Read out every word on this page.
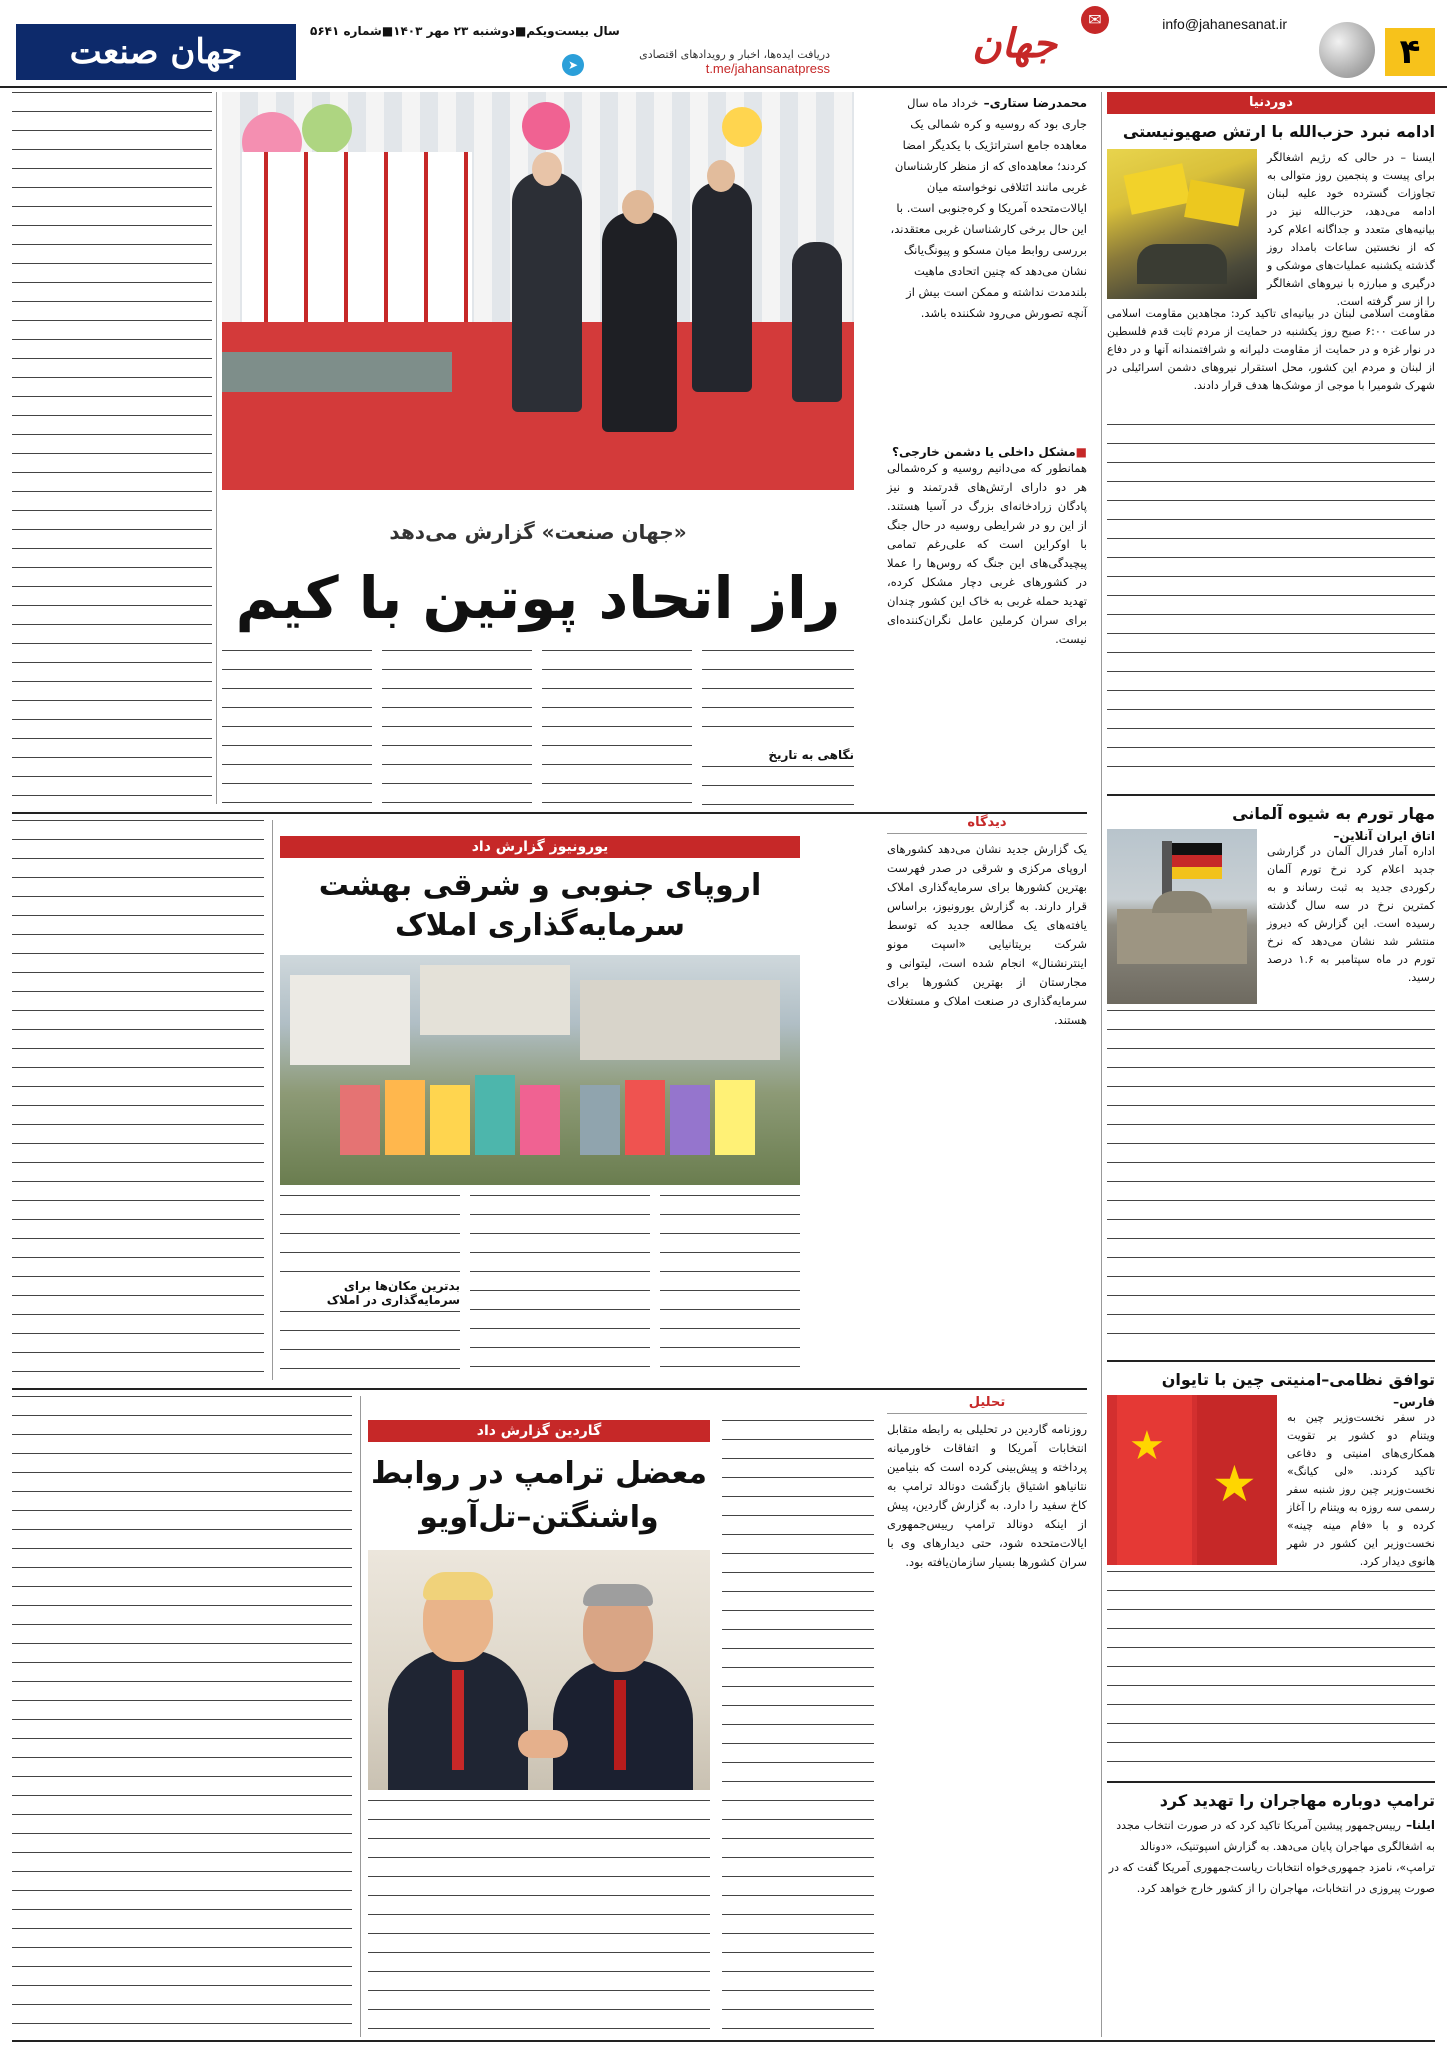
۴
✉	info@jahanesanat.ir
جهان
دریافت ایده‌ها، اخبار و رویدادهای اقتصادی
t.me/jahansanatpress
➤
سال بیست‌ویکم■دوشنبه ۲۳ مهر ۱۴۰۳■شماره ۵۶۴۱
جهان صنعت
دوردنیا
ادامه نبرد حزب‌الله با ارتش صهیونیستی
ایسنا – در حالی که رژیم اشغالگر برای پیست و پنجمین روز متوالی به تجاوزات گسترده خود علیه لبنان ادامه می‌دهد، حزب‌الله نیز در بیانیه‌های متعدد و جداگانه اعلام کرد که از نخستین ساعات بامداد روز گذشته یکشنبه عملیات‌های موشکی و درگیری و مبارزه با نیروهای اشغالگر را از سر گرفته است.
مقاومت اسلامی لبنان در بیانیه‌ای تاکید کرد: مجاهدین مقاومت اسلامی در ساعت ۶:۰۰ صبح روز یکشنبه در حمایت از مردم ثابت قدم فلسطین در نوار غزه و در حمایت از مقاومت دلیرانه و شرافتمندانه آنها و در دفاع از لبنان و مردم این کشور، محل استقرار نیروهای دشمن اسرائیلی در شهرک شومیرا با موجی از موشک‌ها هدف قرار دادند.
مهار تورم به شیوه آلمانی
اتاق ایران آنلاین–
اداره آمار فدرال آلمان در گزارشی جدید اعلام کرد نرخ تورم آلمان رکوردی جدید به ثبت رساند و به کمترین نرخ در سه سال گذشته رسیده است. این گزارش که دیروز منتشر شد نشان می‌دهد که نرخ تورم در ماه سپتامبر به ۱.۶ درصد رسید.
توافق نظامی–امنیتی چین با تایوان
★
★
فارس–
در سفر نخست‌وزیر چین به ویتنام دو کشور بر تقویت همکاری‌های امنیتی و دفاعی تاکید کردند. «لی کیانگ» نخست‌وزیر چین روز شنبه سفر رسمی سه روزه به ویتنام را آغاز کرده و با «فام مینه چینه» نخست‌وزیر این کشور در شهر هانوی دیدار کرد.
ترامپ دوباره مهاجران را تهدید کرد
ایلنا– رییس‌جمهور پیشین آمریکا تاکید کرد که در صورت انتخاب مجدد به اشغالگری مهاجران پایان می‌دهد. به گزارش اسپوتنیک، «دونالد ترامپ»، نامزد جمهوری‌خواه انتخابات ریاست‌جمهوری آمریکا گفت که در صورت پیروزی در انتخابات، مهاجران را از کشور خارج خواهد کرد.
محمدرضا ستاری– خرداد ماه سال جاری بود که روسیه و کره شمالی یک معاهده جامع استراتژیک با یکدیگر امضا کردند؛ معاهده‌ای که از منظر کارشناسان غربی مانند ائتلافی نوخواسته میان ایالات‌متحده آمریکا و کره‌جنوبی است. با این حال برخی کارشناسان غربی معتقدند، بررسی روابط میان مسکو و پیونگ‌یانگ نشان می‌دهد که چنین اتحادی ماهیت بلندمدت نداشته و ممکن است بیش از آنچه تصورش می‌رود شکننده باشد.
■مشکل داخلی یا دشمن خارجی؟
همانطور که می‌دانیم روسیه و کره‌شمالی هر دو دارای ارتش‌های قدرتمند و نیز پادگان زرادخانه‌ای بزرگ در آسیا هستند. از این رو در شرایطی روسیه در حال جنگ با اوکراین است که علی‌رغم تمامی پیچیدگی‌های این جنگ که روس‌ها را عملا در کشورهای غربی دچار مشکل کرده، تهدید حمله غربی به خاک این کشور چندان برای سران کرملین عامل نگران‌کننده‌ای نیست.
«جهان صنعت» گزارش می‌دهد
راز اتحاد پوتین با کیم
نگاهی به تاریخ
دیدگاه
یک گزارش جدید نشان می‌دهد کشورهای اروپای مرکزی و شرقی در صدر فهرست بهترین کشورها برای سرمایه‌گذاری املاک قرار دارند. به گزارش یورونیوز، براساس یافته‌های یک مطالعه جدید که توسط شرکت بریتانیایی «اسپت مونو اینترنشنال» انجام شده است، لیتوانی و مجارستان از بهترین کشورها برای سرمایه‌گذاری در صنعت املاک و مستغلات هستند.
یورونیوز گزارش داد
اروپای جنوبی و شرقی بهشت
سرمایه‌گذاری املاک
بدترین مکان‌ها برای سرمایه‌گذاری در املاک
تحلیل
روزنامه گاردین در تحلیلی به رابطه متقابل انتخابات آمریکا و اتفاقات خاورمیانه پرداخته و پیش‌بینی کرده است که بنیامین نتانیاهو اشتیاق بازگشت دونالد ترامپ به کاخ سفید را دارد. به گزارش گاردین، پیش از اینکه دونالد ترامپ رییس‌جمهوری ایالات‌متحده شود، حتی دیدارهای وی با سران کشورها بسیار سازمان‌یافته بود.
گاردین گزارش داد
معضل ترامپ در روابط
واشنگتن–تل‌آویو
